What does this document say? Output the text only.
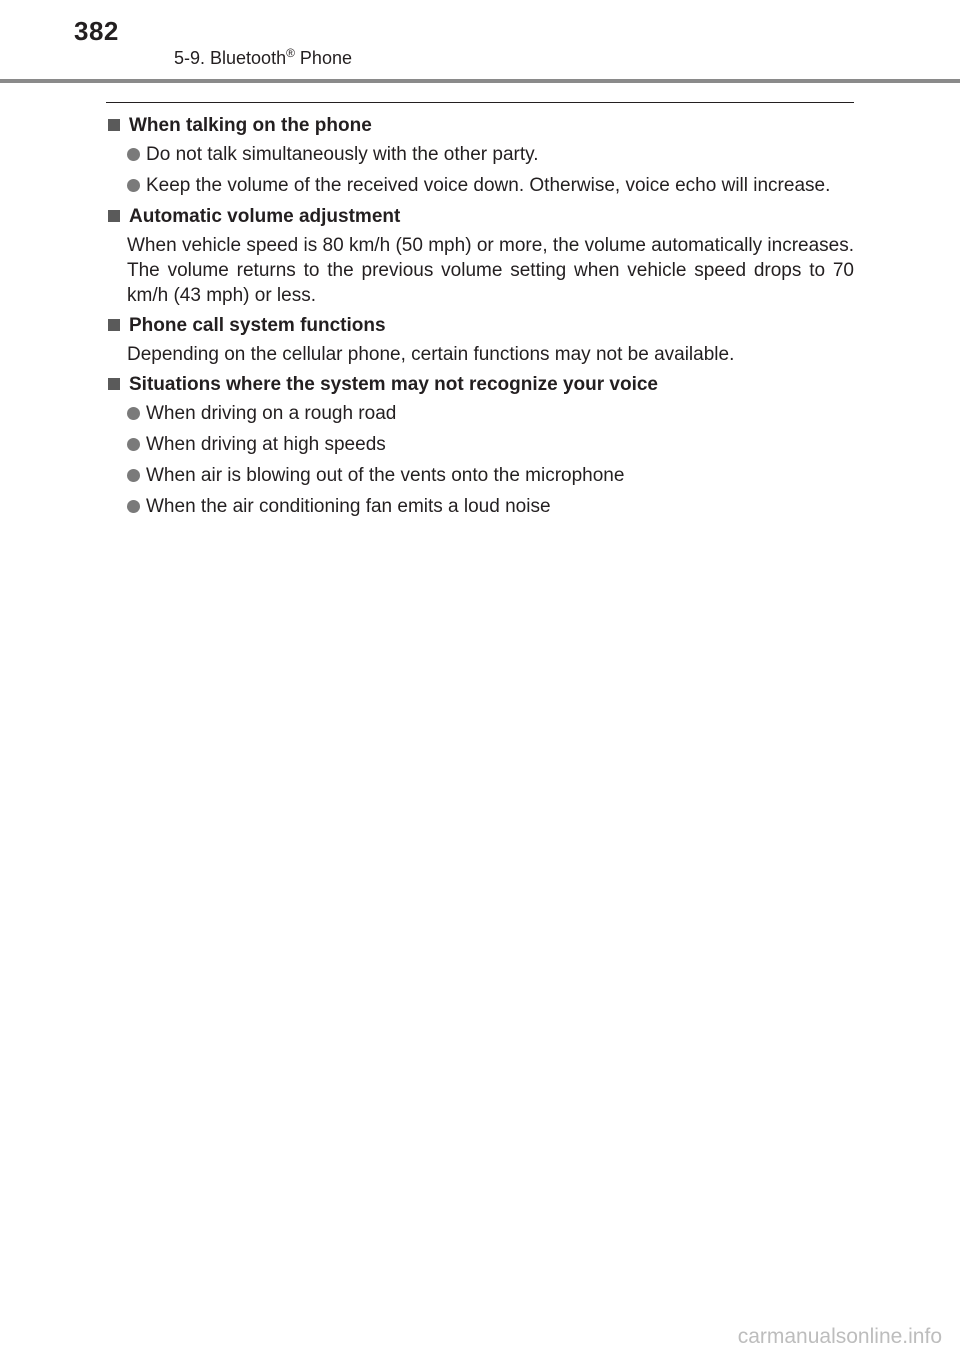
382
5-9. Bluetooth® Phone
When talking on the phone
Do not talk simultaneously with the other party.
Keep the volume of the received voice down. Otherwise, voice echo will increase.
Automatic volume adjustment
When vehicle speed is 80 km/h (50 mph) or more, the volume automatically increases. The volume returns to the previous volume setting when vehicle speed drops to 70 km/h (43 mph) or less.
Phone call system functions
Depending on the cellular phone, certain functions may not be available.
Situations where the system may not recognize your voice
When driving on a rough road
When driving at high speeds
When air is blowing out of the vents onto the microphone
When the air conditioning fan emits a loud noise
carmanualsonline.info
